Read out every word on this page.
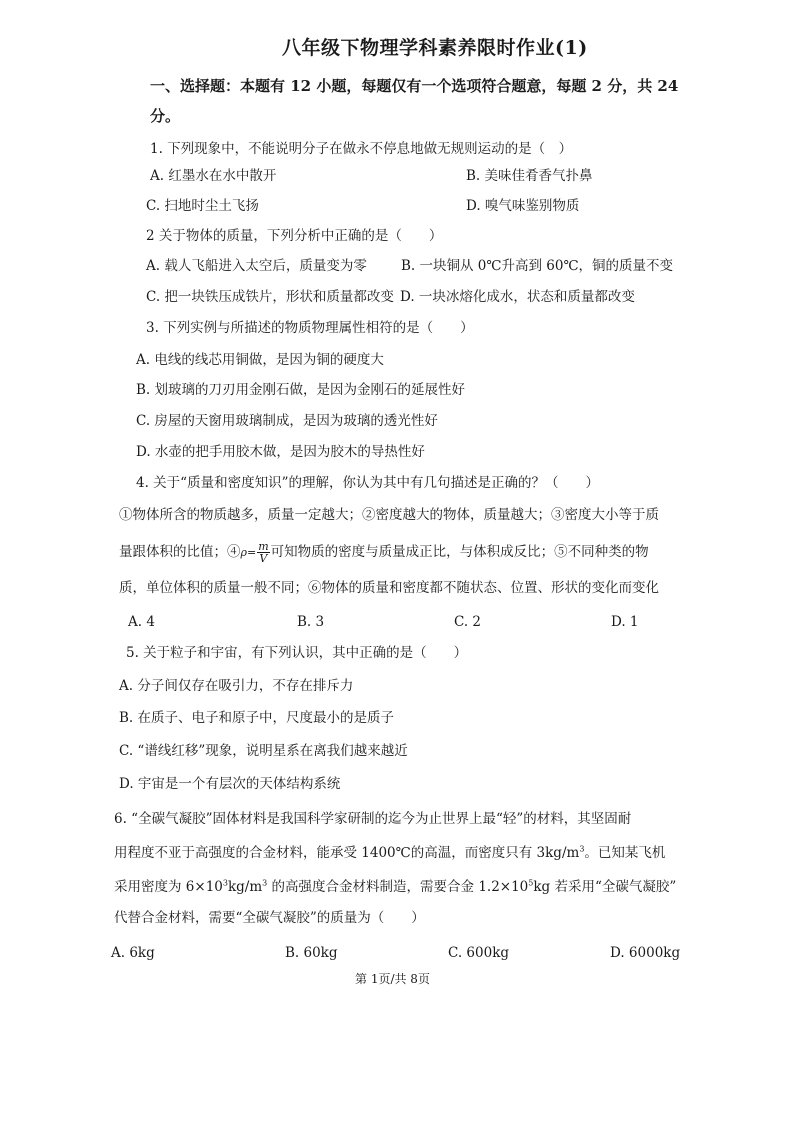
八年级下物理学科素养限时作业(1)
一、选择题：本题有 12 小题，每题仅有一个选项符合题意，每题 2 分，共 24
分。
1. 下列现象中，不能说明分子在做永不停息地做无规则运动的是（　）
A. 红墨水在水中散开	B. 美味佳肴香气扑鼻
C. 扫地时尘土飞扬	D. 嗅气味鉴别物质
2 关于物体的质量，下列分析中正确的是（　　）
A. 载人飞船进入太空后，质量变为零	B. 一块铜从 0℃升高到 60℃，铜的质量不变
C. 把一块铁压成铁片，形状和质量都改变 D. 一块冰熔化成水，状态和质量都改变
3. 下列实例与所描述的物质物理属性相符的是（　　）
A. 电线的线芯用铜做，是因为铜的硬度大
B. 划玻璃的刀刃用金刚石做，是因为金刚石的延展性好
C. 房屋的天窗用玻璃制成，是因为玻璃的透光性好
D. 水壶的把手用胶木做，是因为胶木的导热性好
4. 关于“质量和密度知识”的理解，你认为其中有几句描述是正确的？（　　）
①物体所含的物质越多，质量一定越大；②密度越大的物体，质量越大；③密度大小等于质
量跟体积的比值；④ρ= $\frac{m}{V}$ 可知物质的密度与质量成正比，与体积成反比；⑤不同种类的物
质，单位体积的质量一般不同；⑥物体的质量和密度都不随状态、位置、形状的变化而变化
A. 4	B. 3	C. 2	D. 1
5. 关于粒子和宇宙，有下列认识，其中正确的是（　　）
A. 分子间仅存在吸引力，不存在排斥力
B. 在质子、电子和原子中，尺度最小的是质子
C. “谱线红移”现象，说明星系在离我们越来越近
D. 宇宙是一个有层次的天体结构系统
6. “全碳气凝胶”固体材料是我国科学家研制的迄今为止世界上最“轻”的材料，其坚固耐
用程度不亚于高强度的合金材料，能承受 1400℃的高温，而密度只有 $3kg/m^3$。已知某飞机
采用密度为 $6\times 10^3kg/m^3$ 的高强度合金材料制造，需要合金 $1.2\times 10^5kg$ 若采用“全碳气凝胶”
代替合金材料，需要“全碳气凝胶”的质量为（　　）
A. 6kg	B. 60kg	C. 600kg	D. 6000kg
第 1页/共 8页
